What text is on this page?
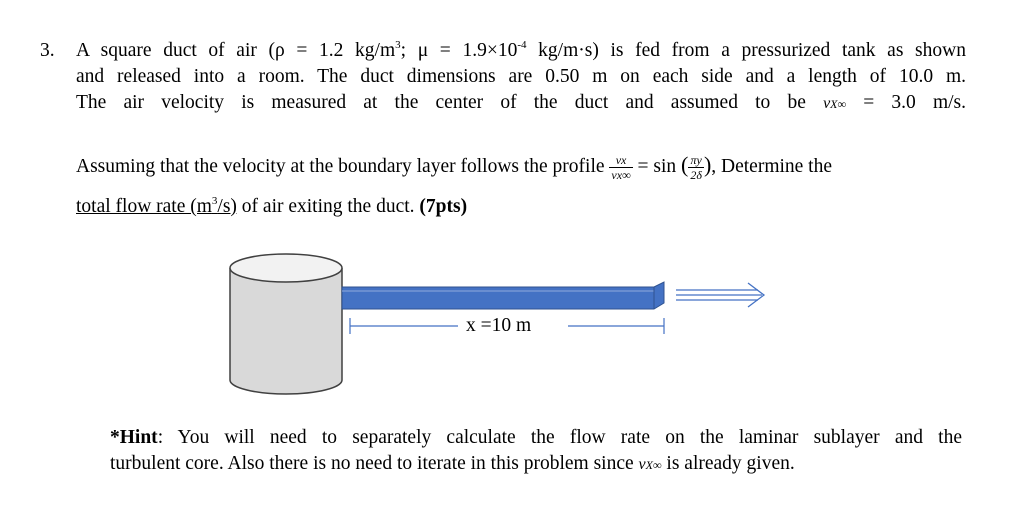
3. A square duct of air (ρ = 1.2 $kg/m^3$; $\mu = 1.9\times 10^{-4}$ kg/m·s) is fed from a pressurized tank as shown
and released into a room. The duct dimensions are 0.50 m on each side and a length of 10.0 m.
The air velocity is measured at the center of the duct and assumed to be vX∞ = 3.0 m/s.
Assuming that the velocity at the boundary layer follows the profile $\frac{vx}{vx\infty} = \sin$ ( $\frac{\pi y}{2\delta}$ ), Determine the
total flow rate $(m^3/s)$ of air exiting the duct. (7pts)
x =10 m
*Hint: You will need to separately calculate the flow rate on the laminar sublayer and the
turbulent core. Also there is no need to iterate in this problem since vX∞ is already given.
